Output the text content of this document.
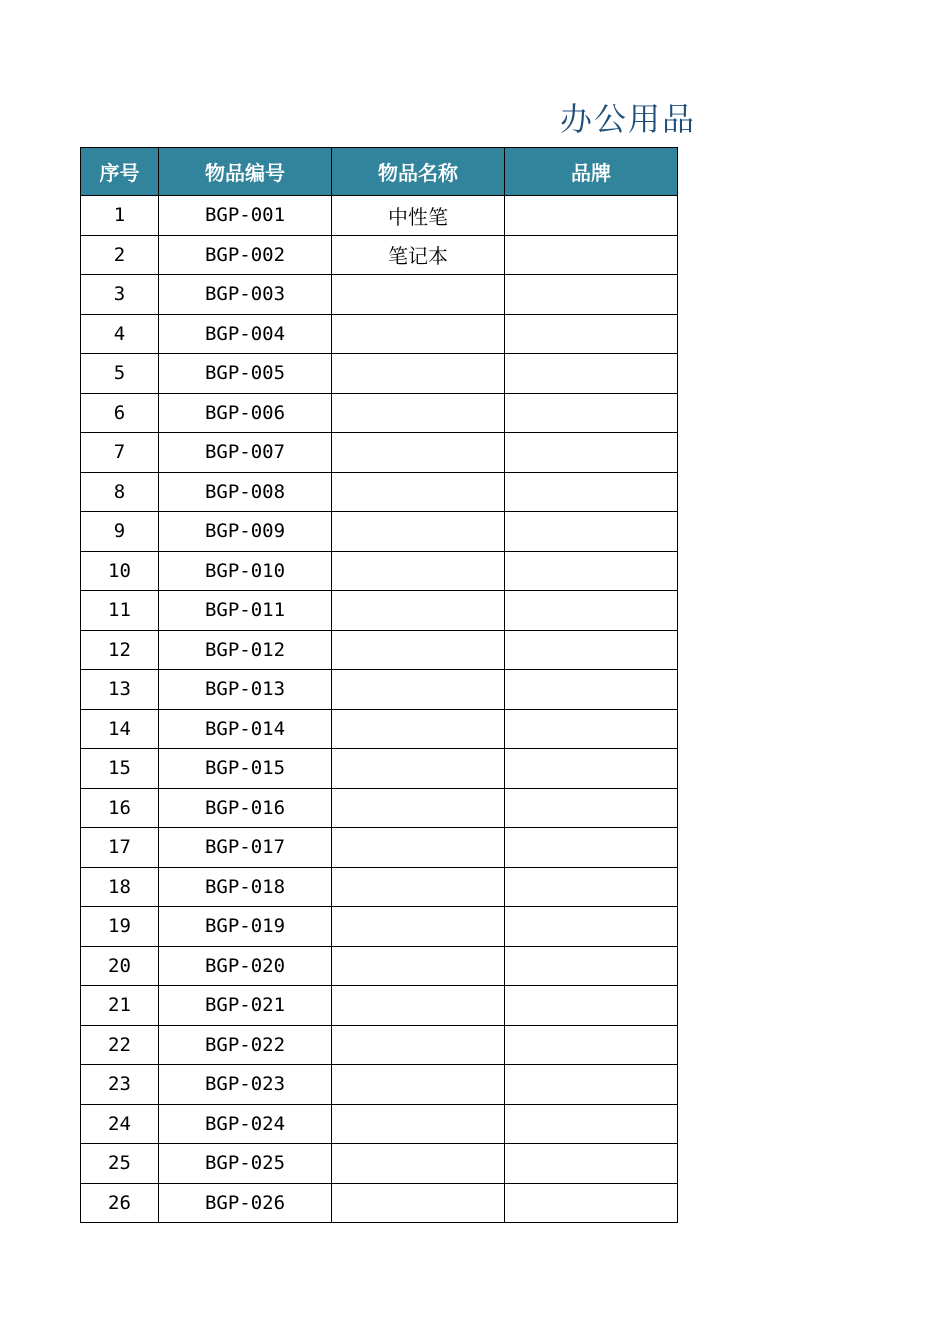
办公用品
序号	物品编号	物品名称	品牌
1	BGP-001	中性笔	
2	BGP-002	笔记本	
3	BGP-003		
4	BGP-004		
5	BGP-005		
6	BGP-006		
7	BGP-007		
8	BGP-008		
9	BGP-009		
10	BGP-010		
11	BGP-011		
12	BGP-012		
13	BGP-013		
14	BGP-014		
15	BGP-015		
16	BGP-016		
17	BGP-017		
18	BGP-018		
19	BGP-019		
20	BGP-020		
21	BGP-021		
22	BGP-022		
23	BGP-023		
24	BGP-024		
25	BGP-025		
26	BGP-026		
